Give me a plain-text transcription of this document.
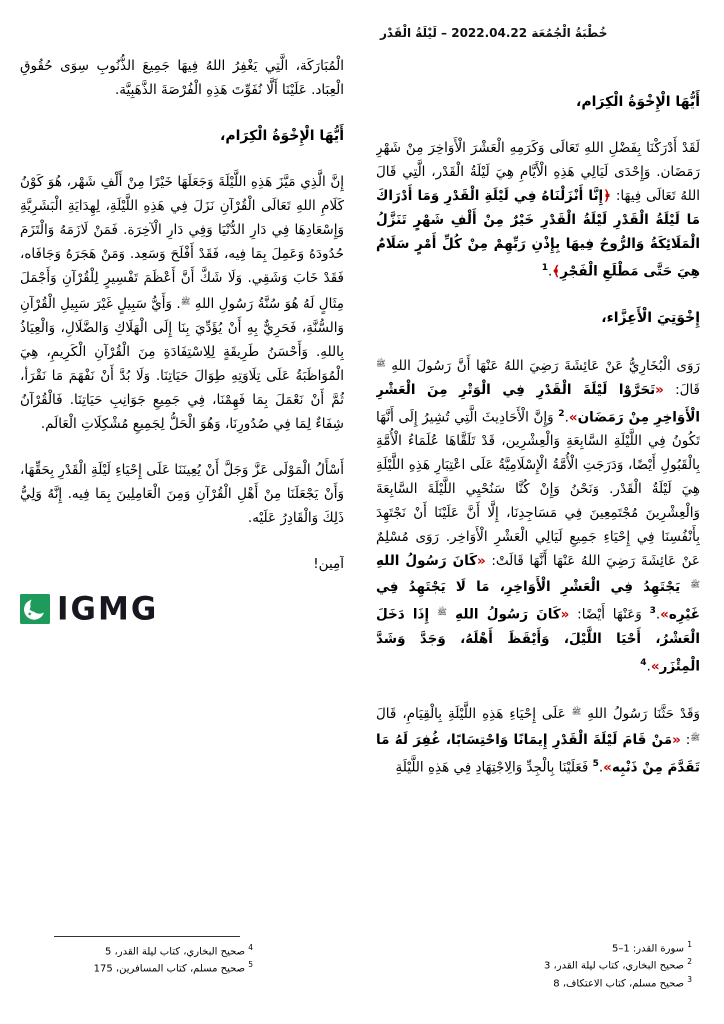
خُطْبَةُ الْجُمُعَة 2022.04.22 – لَيْلَةُ الْقَدْر
أَيُّهَا الْإِخْوَةُ الْكِرَام،
لَقَدْ أَدْرَكْنَا بِفَضْلِ اللهِ تَعَالَى وَكَرَمِهِ الْعَشْرَ الْأَوَاخِرَ مِنْ شَهْرِ رَمَضَان. وَإِحْدَى لَيَالِي هَذِهِ الْأَيَّامِ هِيَ لَيْلَةُ الْقَدْر، الَّتِي قَالَ اللهُ تَعَالَى فِيهَا: ﴿إِنَّا أَنْزَلْنَاهُ فِي لَيْلَةِ الْقَدْرِ وَمَا أَدْرَاكَ مَا لَيْلَةُ الْقَدْرِ لَيْلَةُ الْقَدْرِ خَيْرٌ مِنْ أَلْفِ شَهْرٍ تَنَزَّلُ الْمَلَائِكَةُ وَالرُّوحُ فِيهَا بِإِذْنِ رَبِّهِمْ مِنْ كُلِّ أَمْرٍ سَلَامٌ هِيَ حَتَّى مَطْلَعِ الْفَجْرِ﴾.$^1$
إِخْوَتِيَ الْأَعِزَّاء،
رَوَى الْبُخَارِيُّ عَنْ عَائِشَةَ رَضِيَ اللهُ عَنْهَا أَنَّ رَسُولَ اللهِ $^ﷺ$ قَالَ: «تَحَرَّوْا لَيْلَةَ الْقَدْرِ فِي الْوَتْرِ مِنَ الْعَشْرِ الْأَوَاخِرِ مِنْ رَمَضَان».$^2$ وَإِنَّ الْأَحَادِيثَ الَّتِي تُشِيرُ إِلَى أَنَّهَا تَكُونُ فِي اللَّيْلَةِ السَّابِعَةِ وَالْعِشْرِين، قَدْ تَلَقَّاهَا عُلَمَاءُ الْأُمَّةِ بِالْقَبُولِ أَيْضًا، وَدَرَجَتِ الْأُمَّةُ الْإِسْلَامِيَّةُ عَلَى اعْتِبَارِ هَذِهِ اللَّيْلَةِ هِيَ لَيْلَةُ الْقَدْر. وَنَحْنُ وَإِنْ كُنَّا سَنُحْيِي اللَّيْلَةَ السَّابِعَةَ وَالْعِشْرِينَ مُجْتَمِعِينَ فِي مَسَاجِدِنَا، إِلَّا أَنَّ عَلَيْنَا أَنْ نَجْتَهِدَ بِأَنْفُسِنَا فِي إِحْيَاءِ جَمِيعِ لَيَالِي الْعَشْرِ الْأَوَاخِر. رَوَى مُسْلِمٌ عَنْ عَائِشَةَ رَضِيَ اللهُ عَنْهَا أَنَّهَا قَالَتْ: «كَانَ رَسُولُ اللهِ $^ﷺ$ يَجْتَهِدُ فِي الْعَشْرِ الْأَوَاخِرِ، مَا لَا يَجْتَهِدُ فِي غَيْرِه».$^3$ وَعَنْهَا أَيْضًا: «كَانَ رَسُولُ اللهِ $^ﷺ$ إِذَا دَخَلَ الْعَشْرُ، أَحْيَا اللَّيْلَ، وَأَيْقَظَ أَهْلَهُ، وَجَدَّ وَشَدَّ الْمِئْزَر».$^4$
وَقَدْ حَثَّنَا رَسُولُ اللهِ $^ﷺ$ عَلَى إِحْيَاءِ هَذِهِ اللَّيْلَةِ بِالْقِيَامِ، قَالَ $^ﷺ$: «مَنْ قَامَ لَيْلَةَ الْقَدْرِ إِيمَانًا وَاحْتِسَابًا، غُفِرَ لَهُ مَا تَقَدَّمَ مِنْ ذَنْبِه».$^5$ فَعَلَيْنَا بِالْجِدِّ وَالِاجْتِهَادِ فِي هَذِهِ اللَّيْلَةِ
الْمُبَارَكَة، الَّتِي يَغْفِرُ اللهُ فِيهَا جَمِيعَ الذُّنُوبِ سِوَى حُقُوقِ الْعِبَاد. عَلَيْنَا أَلَّا نُفَوِّتَ هَذِهِ الْفُرْصَةَ الذَّهَبِيَّة.
أَيُّهَا الْإِخْوَةُ الْكِرَام،
إِنَّ الَّذِي مَيَّزَ هَذِهِ اللَّيْلَةَ وَجَعَلَهَا خَيْرًا مِنْ أَلْفِ شَهْر، هُوَ كَوْنُ كَلَامِ اللهِ تَعَالَى الْقُرْآنِ نَزَلَ فِي هَذِهِ اللَّيْلَةِ، لِهِدَايَةِ الْبَشَرِيَّةِ وَإِسْعَادِهَا فِي دَارِ الدُّنْيَا وَفِي دَارِ الْآخِرَة. فَمَنْ لَازَمَهُ وَالْتَزَمَ حُدُودَهُ وَعَمِلَ بِمَا فِيه، فَقَدْ أَفْلَحَ وَسَعِد. وَمَنْ هَجَرَهُ وَجَافَاه، فَقَدْ خَابَ وَشَقِي. وَلَا شَكَّ أَنَّ أَعْظَمَ تَفْسِيرٍ لِلْقُرْآنِ وَأَجْمَلَ مِثَالٍ لَهُ هُوَ سُنَّةُ رَسُولِ اللهِ $^ﷺ$. وَأَيُّ سَبِيلٍ غَيْرَ سَبِيلِ الْقُرْآنِ وَالسُّنَّةِ، فَحَرِيٌّ بِهِ أَنْ يُؤَدِّيَ بِنَا إِلَى الْهَلَاكِ وَالضَّلَالِ، وَالْعِيَاذُ بِاللهِ. وَأَحْسَنُ طَرِيقَةٍ لِلِاسْتِفَادَةِ مِنَ الْقُرْآنِ الْكَرِيمِ، هِيَ الْمُوَاظَبَةُ عَلَى تِلَاوَتِهِ طِوَالَ حَيَاتِنَا. وَلَا بُدَّ أَنْ نَفْهَمَ مَا نَقْرَأ، ثُمَّ أَنْ نَعْمَلَ بِمَا فَهِمْنَا، فِي جَمِيعِ جَوَانِبِ حَيَاتِنَا. فَالْقُرْآنُ شِفَاءٌ لِمَا فِي صُدُورِنَا، وَهُوَ الْحَلُّ لِجَمِيعِ مُشْكِلَاتِ الْعَالَم.
أَسْأَلُ الْمَوْلَى عَزَّ وَجَلَّ أَنْ يُعِينَنَا عَلَى إِحْيَاءِ لَيْلَةِ الْقَدْرِ بِحَقِّهَا، وَأَنْ يَجْعَلَنَا مِنْ أَهْلِ الْقُرْآنِ وَمِنَ الْعَامِلِينَ بِمَا فِيه. إِنَّهُ وَلِيُّ ذَلِكَ وَالْقَادِرُ عَلَيْه.
آمِين!
IGMG
$^1$ سورة القدر: 1–5
$^2$ صحيح البخاري، كتاب ليلة القدر، 3
$^3$ صحيح مسلم، كتاب الاعتكاف، 8
$^4$ صحيح البخاري، كتاب ليلة القدر، 5
$^5$ صحيح مسلم، كتاب المسافرين، 175
